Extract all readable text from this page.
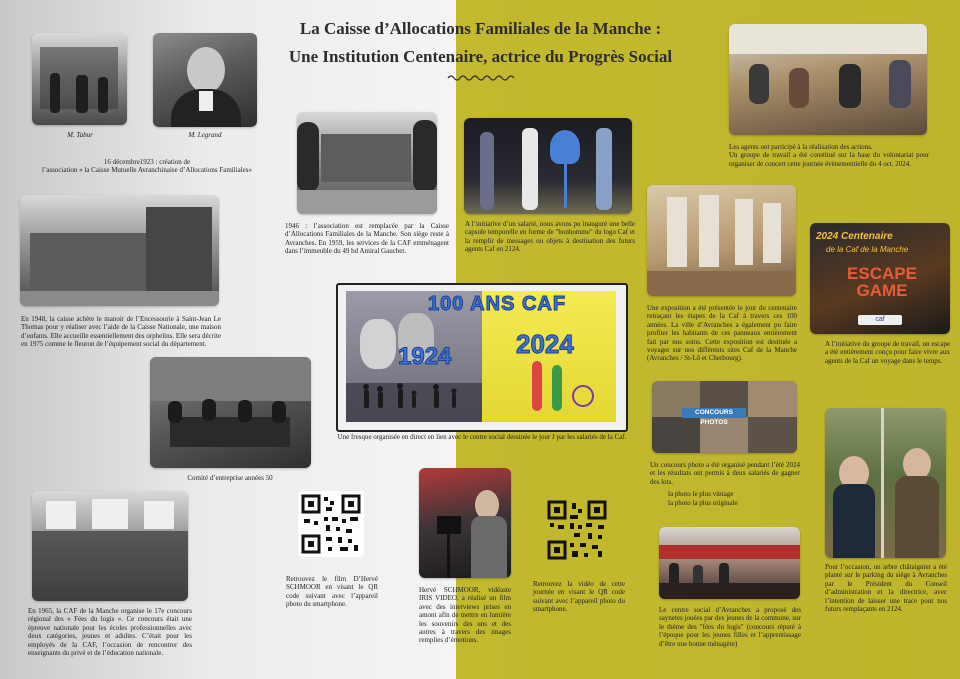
La Caisse d’Allocations Familiales de la Manche :
Une Institution Centenaire, actrice du Progrès Social
M. Tabur	M. Legrand

16 décembre1923 : création de
l’association « la Caisse Mutuelle Avranchinaise d’Allocations Familiales»

En 1948, la caisse achète le manoir de l’Encessourie à Saint-Jean Le Thomas pour y réaliser avec l’aide de la Caisse Nationale, une maison d’enfants. Elle accueille essentiellement des orphelins. Elle sera décrite en 1975 comme le fleuron de l’équipement social du département.

Comité d’entreprise années 50

En 1965, la CAF de la Manche organise le 17e concours régional des « Fées du logis ». Ce concours était une épreuve nationale pour les écoles professionnelles avec deux catégories, jeunes et adultes. C’était pour les employés de la CAF, l’occasion de rencontrer des enseignants du privé et de l’éducation nationale.

1946 : l’association est remplacée par la Caisse d’Allocations Familiales de la Manche. Son siège reste à Avranches. En 1959, les services de la CAF emménagent dans l’immeuble du 49 bd Amiral Gauchet.

A l’initiative d’un salarié, nous avons pu inauguré une belle capsule temporelle en forme de "bonhomme" du logo Caf et la remplir de messages ou objets à destination des futurs agents Caf en 2124.

100 ANS CAF
1924 2024
Une fresque organisée en direct en lien avec le centre social dessinée le jour J par les salariés de la Caf.

Retrouvez le film D’Hervé SCHMOOR en visant le QR code suivant avec l’appareil photo du smartphone.

Hervé SCHMOOR, vidéaste IRIS VIDEO, a réalisé un film avec des interviews prises en amont afin de mettre en lumière les souvenirs des uns et des autres à travers des images remplies d’émotions.

Retrouvez la vidéo de cette journée en visant le QR code suivant avec l’appareil photo du smartphone.

Les agents ont participé à la réalisation des actions.
Un groupe de travail a été constitué sur la base du volontariat pour organiser de concert cette journée évènementielle du 4 oct. 2024.

Une exposition a été présentée le jour du centenaire retraçant les étapes de la Caf à travers ces 100 années. La ville d’Avranches a également pu faire profiter les habitants de ces panneaux entièrement fait par nos soins. Cette exposition est destinée a voyager sur nos différents sites Caf de la Manche (Avranches / St-Lô et Cherbourg).

2024 Centenaire
de la Caf de la Manche
ESCAPE GAME
caf

A l’initiative du groupe de travail, un escape a été entièrement conçu pour faire vivre aux agents de la Caf un voyage dans le temps.

CONCOURS PHOTOS

Un concours photo a été organisé pendant l’été 2024 et les résultats ont permis à deux salariés de gagner des lots.

la photo le plus vintage

la photo la plus originale

Le centre social d’Avranches a proposé des saynetes jouées par des jeunes de la commune, sur le thème des "fées du logis" (concours réputé à l’époque pour les jeunes filles et l’apprentissage d’être une bonne ménagère)

Pour l’occasion, un arbre châtaignier a été planté sur le parking du siège à Avranches par le Président du Conseil d’administration et la directrice, avec l’intention de laisser une trace pour nos futurs remplaçants en 2124.
